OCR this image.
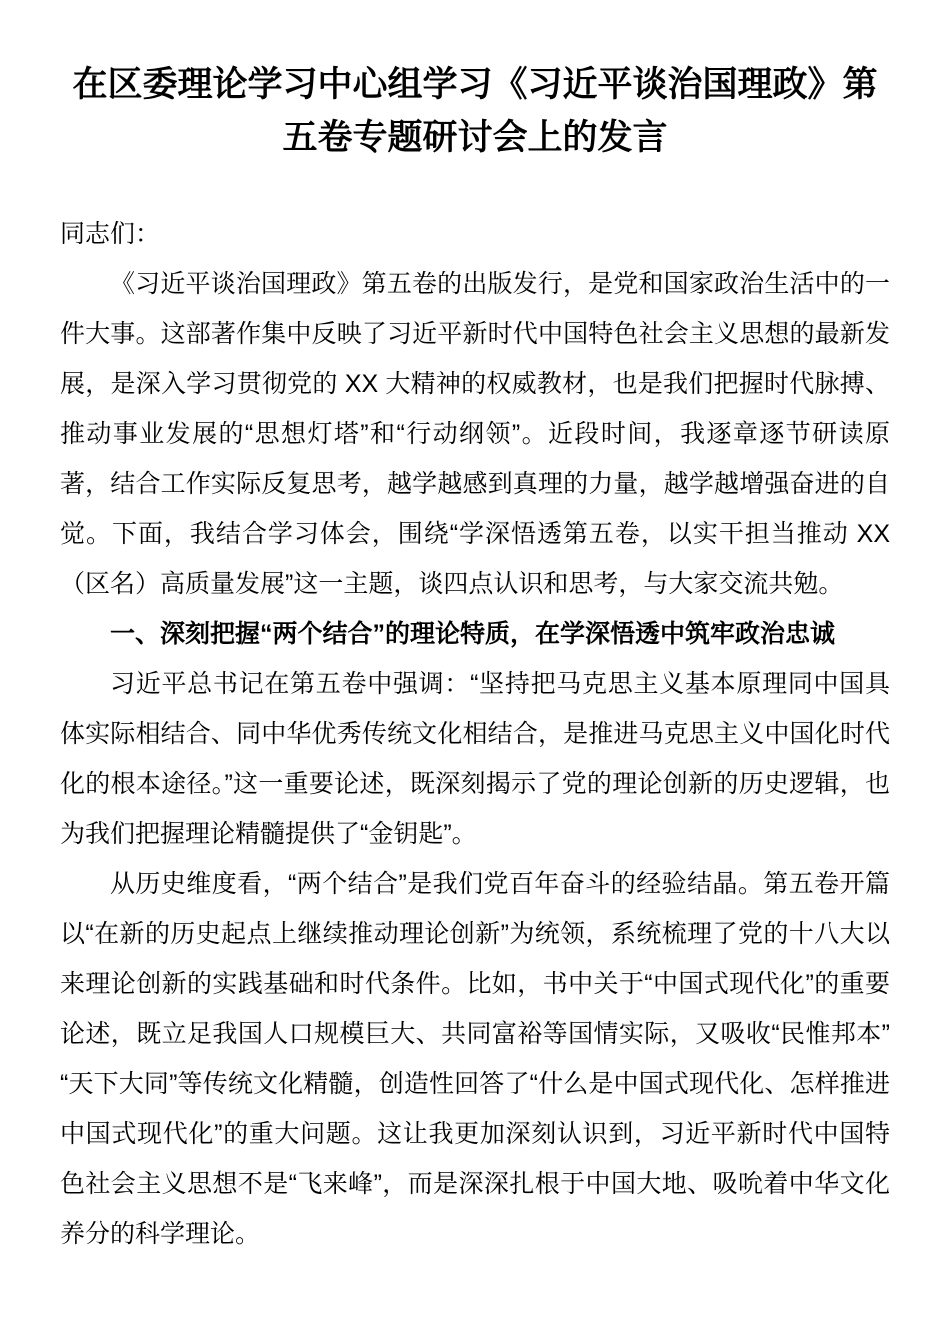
在区委理论学习中心组学习《习近平谈治国理政》第五卷专题研讨会上的发言

同志们：

《习近平谈治国理政》第五卷的出版发行，是党和国家政治生活中的一件大事。这部著作集中反映了习近平新时代中国特色社会主义思想的最新发展，是深入学习贯彻党的 XX 大精神的权威教材，也是我们把握时代脉搏、推动事业发展的“思想灯塔”和“行动纲领”。近段时间，我逐章逐节研读原著，结合工作实际反复思考，越学越感到真理的力量，越学越增强奋进的自觉。下面，我结合学习体会，围绕“学深悟透第五卷，以实干担当推动 XX（区名）高质量发展”这一主题，谈四点认识和思考，与大家交流共勉。

一、深刻把握“两个结合”的理论特质，在学深悟透中筑牢政治忠诚

习近平总书记在第五卷中强调：“坚持把马克思主义基本原理同中国具体实际相结合、同中华优秀传统文化相结合，是推进马克思主义中国化时代化的根本途径。”这一重要论述，既深刻揭示了党的理论创新的历史逻辑，也为我们把握理论精髓提供了“金钥匙”。

从历史维度看，“两个结合”是我们党百年奋斗的经验结晶。第五卷开篇以“在新的历史起点上继续推动理论创新”为统领，系统梳理了党的十八大以来理论创新的实践基础和时代条件。比如，书中关于“中国式现代化”的重要论述，既立足我国人口规模巨大、共同富裕等国情实际，又吸收“民惟邦本”“天下大同”等传统文化精髓，创造性回答了“什么是中国式现代化、怎样推进中国式现代化”的重大问题。这让我更加深刻认识到，习近平新时代中国特色社会主义思想不是“飞来峰”，而是深深扎根于中国大地、吸吮着中华文化养分的科学理论。
